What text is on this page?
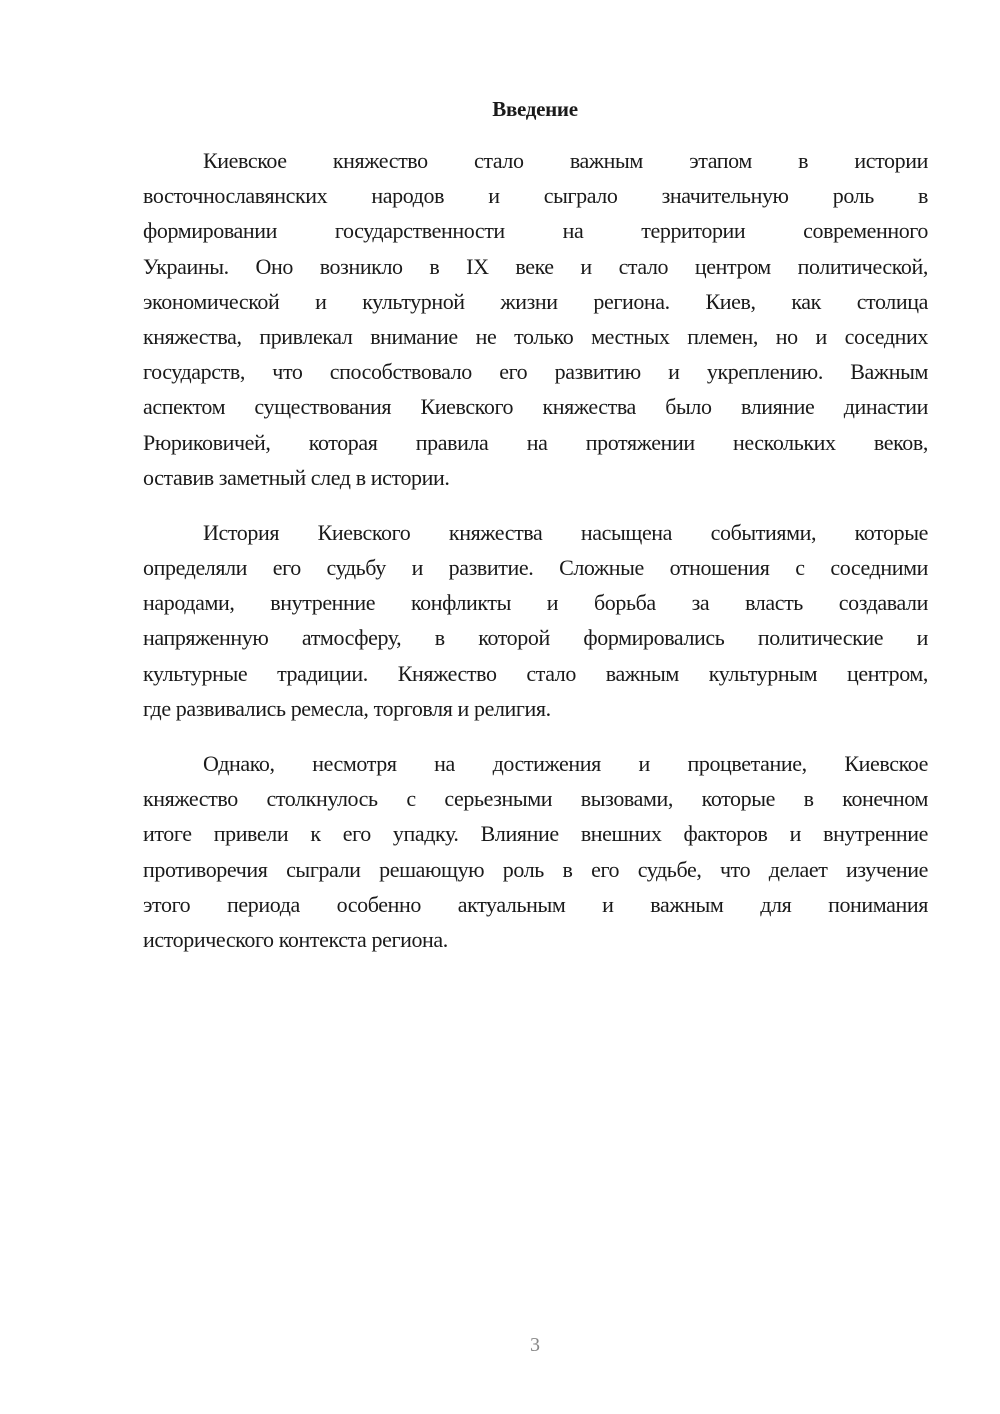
Введение
Киевское княжество стало важным этапом в истории
восточнославянских народов и сыграло значительную роль в
формировании государственности на территории современного
Украины. Оно возникло в IX веке и стало центром политической,
экономической и культурной жизни региона. Киев, как столица
княжества, привлекал внимание не только местных племен, но и соседних
государств, что способствовало его развитию и укреплению. Важным
аспектом существования Киевского княжества было влияние династии
Рюриковичей, которая правила на протяжении нескольких веков,
оставив заметный след в истории.
История Киевского княжества насыщена событиями, которые
определяли его судьбу и развитие. Сложные отношения с соседними
народами, внутренние конфликты и борьба за власть создавали
напряженную атмосферу, в которой формировались политические и
культурные традиции. Княжество стало важным культурным центром,
где развивались ремесла, торговля и религия.
Однако, несмотря на достижения и процветание, Киевское
княжество столкнулось с серьезными вызовами, которые в конечном
итоге привели к его упадку. Влияние внешних факторов и внутренние
противоречия сыграли решающую роль в его судьбе, что делает изучение
этого периода особенно актуальным и важным для понимания
исторического контекста региона.
3
